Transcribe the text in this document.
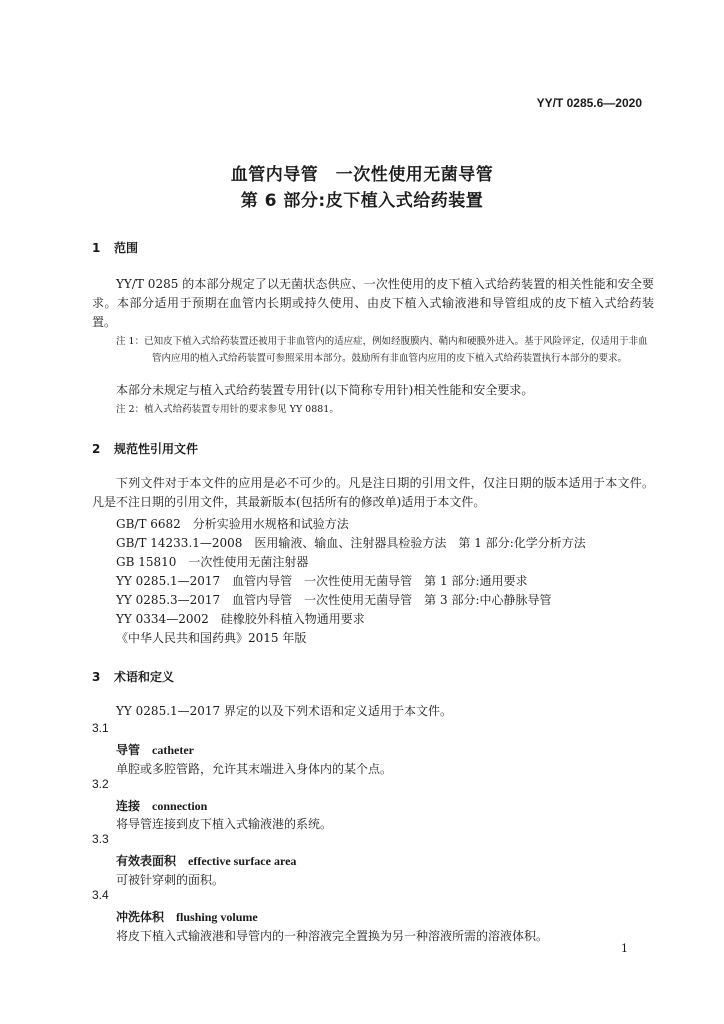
YY/T 0285.6—2020
血管内导管　一次性使用无菌导管
第 6 部分:皮下植入式给药装置
1 范围
YY/T 0285 的本部分规定了以无菌状态供应、一次性使用的皮下植入式给药装置的相关性能和安全要求。本部分适用于预期在血管内长期或持久使用、由皮下植入式输液港和导管组成的皮下植入式给药装置。
注 1：已知皮下植入式给药装置还被用于非血管内的适应症，例如经腹膜内、鞘内和硬膜外进入。基于风险评定，仅适用于非血管内应用的植入式给药装置可参照采用本部分。鼓励所有非血管内应用的皮下植入式给药装置执行本部分的要求。
本部分未规定与植入式给药装置专用针(以下简称专用针)相关性能和安全要求。
注 2：植入式给药装置专用针的要求参见 YY 0881。
2 规范性引用文件
下列文件对于本文件的应用是必不可少的。凡是注日期的引用文件，仅注日期的版本适用于本文件。凡是不注日期的引用文件，其最新版本(包括所有的修改单)适用于本文件。
GB/T 6682　分析实验用水规格和试验方法
GB/T 14233.1—2008　医用输液、输血、注射器具检验方法　第 1 部分:化学分析方法
GB 15810　一次性使用无菌注射器
YY 0285.1—2017　血管内导管　一次性使用无菌导管　第 1 部分:通用要求
YY 0285.3—2017　血管内导管　一次性使用无菌导管　第 3 部分:中心静脉导管
YY 0334—2002　硅橡胶外科植入物通用要求
《中华人民共和国药典》2015 年版
3 术语和定义
YY 0285.1—2017 界定的以及下列术语和定义适用于本文件。
3.1
导管 catheter
单腔或多腔管路，允许其末端进入身体内的某个点。
3.2
连接 connection
将导管连接到皮下植入式输液港的系统。
3.3
有效表面积 effective surface area
可被针穿刺的面积。
3.4
冲洗体积 flushing volume
将皮下植入式输液港和导管内的一种溶液完全置换为另一种溶液所需的溶液体积。
1
